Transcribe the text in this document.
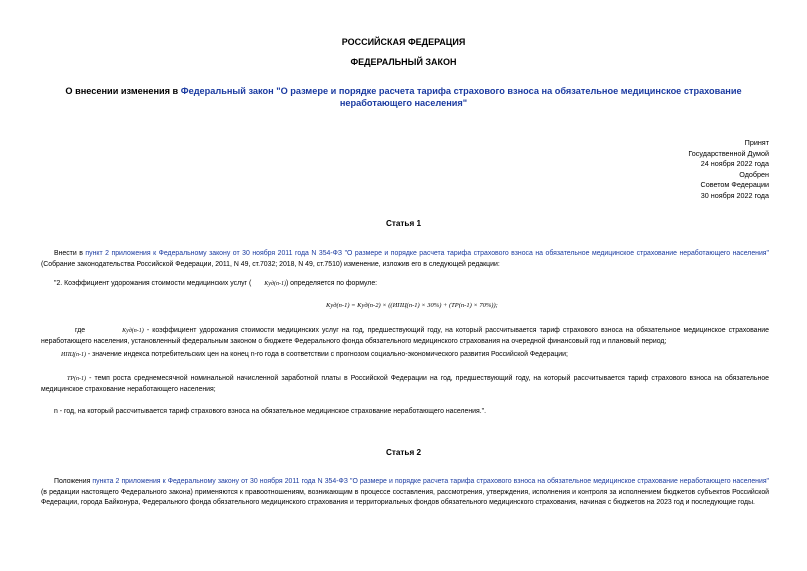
РОССИЙСКАЯ ФЕДЕРАЦИЯ
ФЕДЕРАЛЬНЫЙ ЗАКОН
О внесении изменения в Федеральный закон "О размере и порядке расчета тарифа страхового взноса на обязательное медицинское страхование неработающего населения"
Принят
Государственной Думой
24 ноября 2022 года
Одобрен
Советом Федерации
30 ноября 2022 года
Статья 1
Внести в пункт 2 приложения к Федеральному закону от 30 ноября 2011 года N 354-ФЗ "О размере и порядке расчета тарифа страхового взноса на обязательное медицинское страхование неработающего населения" (Собрание законодательства Российской Федерации, 2011, N 49, ст.7032; 2018, N 49, ст.7510) изменение, изложив его в следующей редакции:
"2. Коэффициент удорожания стоимости медицинских услуг ( Kуд(n-1)) определяется по формуле:
Kуд(n-1) = Kуд(n-2) × ((ИПЦ(n-1) × 30%) + (ТР(n-1) × 70%));
где	Kуд(n-1) - коэффициент удорожания стоимости медицинских услуг на год, предшествующий году, на который рассчитывается тариф страхового взноса на обязательное медицинское страхование неработающего населения, установленный федеральным законом о бюджете Федерального фонда обязательного медицинского страхования на очередной финансовый год и плановый период;
ИПЦ(n-1) - значение индекса потребительских цен на конец n-го года в соответствии с прогнозом социально-экономического развития Российской Федерации;
ТР(n-1) - темп роста среднемесячной номинальной начисленной заработной платы в Российской Федерации на год, предшествующий году, на который рассчитывается тариф страхового взноса на обязательное медицинское страхование неработающего населения;
n - год, на который рассчитывается тариф страхового взноса на обязательное медицинское страхование неработающего населения.".
Статья 2
Положения пункта 2 приложения к Федеральному закону от 30 ноября 2011 года N 354-ФЗ "О размере и порядке расчета тарифа страхового взноса на обязательное медицинское страхование неработающего населения" (в редакции настоящего Федерального закона) применяются к правоотношениям, возникающим в процессе составления, рассмотрения, утверждения, исполнения и контроля за исполнением бюджетов субъектов Российской Федерации, города Байконура, Федерального фонда обязательного медицинского страхования и территориальных фондов обязательного медицинского страхования, начиная с бюджетов на 2023 год и последующие годы.
